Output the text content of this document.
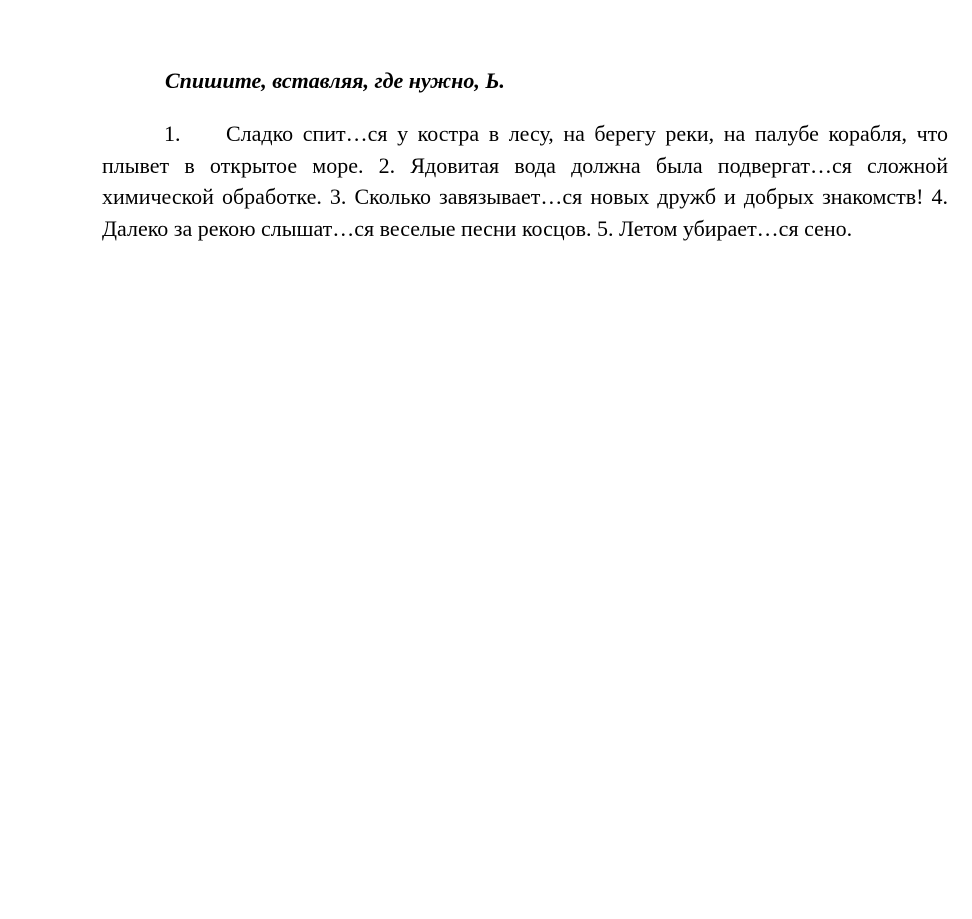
Спишите, вставляя, где нужно, Ь.

1. Сладко спит…ся у костра в лесу, на берегу реки, на палубе корабля, что плывет в открытое море. 2. Ядовитая вода должна была подвергат…ся сложной химической обработке. 3. Сколько завязывает…ся новых дружб и добрых знакомств! 4. Далеко за рекою слышат…ся веселые песни косцов. 5. Летом убирает…ся сено.
